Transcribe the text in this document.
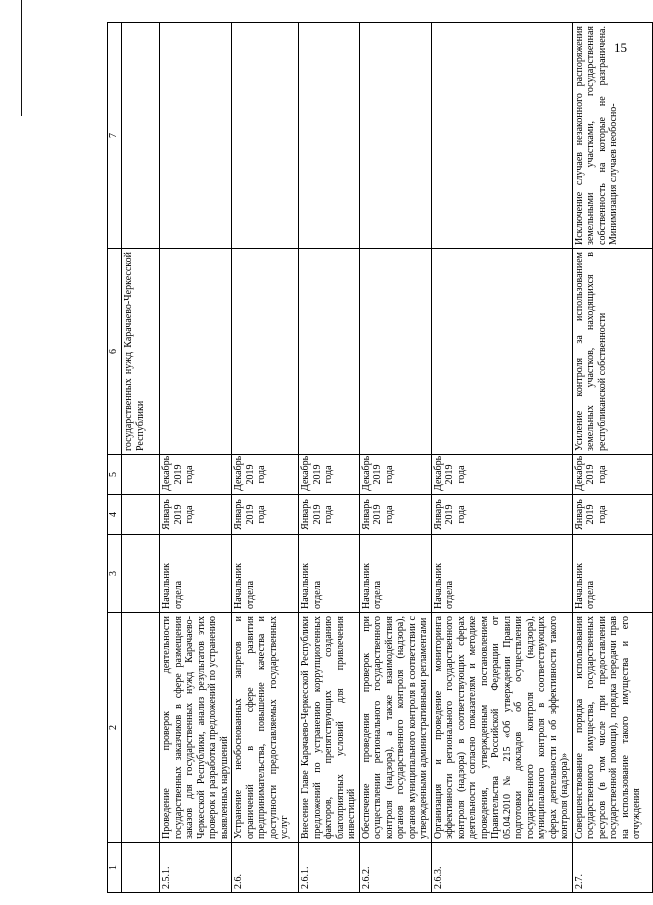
15
1	2	3	4	5	6	7
					государственных нужд Карачаево-Черкесской Республики	
2.5.1.	Проведение проверок деятельности государственных заказчиков в сфере размещения заказов для государственных нужд Карачаево-Черкесской Республики, анализ результатов этих проверок и разработка предложений по устранению выявленных нарушений	Начальник отдела	Январь 2019 года	Декабрь 2019 года		
2.6.	Устранение необоснованных запретов и ограничений в сфере развития предпринимательства, повышение качества и доступности предоставляемых государственных услуг	Начальник отдела	Январь 2019 года	Декабрь 2019 года		
2.6.1.	Внесение Главе Карачаево-Черкесской Республики предложений по устранению коррупциогенных факторов, препятствующих созданию благоприятных условий для привлечения инвестиций	Начальник отдела	Январь 2019 года	Декабрь 2019 года		
2.6.2.	Обеспечение проведения проверок при осуществлении регионального государственного контроля (надзора), а также взаимодействия органов государственного контроля (надзора), органов муниципального контроля в соответствии с утвержденными административными регламентами	Начальник отдела	Январь 2019 года	Декабрь 2019 года		
2.6.3.	Организация и проведение мониторинга эффективности регионального государственного контроля (надзора) в соответствующих сферах деятельности согласно показателям и методике проведения, утвержденным постановлением Правительства Российской Федерации от 05.04.2010 № 215 «Об утверждении Правил подготовки докладов об осуществлении государственного контроля (надзора), муниципального контроля в соответствующих сферах деятельности и об эффективности такого контроля (надзора)»	Начальник отдела	Январь 2019 года	Декабрь 2019 года		
2.7.	Совершенствование порядка использования государственного имущества, государственных ресурсов (в том числе при предоставлении государственной помощи), порядка передачи прав на использование такого имущества и его отчуждения	Начальник отдела	Январь 2019 года	Декабрь 2019 года	Усиление контроля за использованием земельных участков, находящихся в республиканской собственности	Исключение случаев незаконного распоряжения земельными участками, государственная собственность на которые не разграничена. Минимизация случаев необосно-
